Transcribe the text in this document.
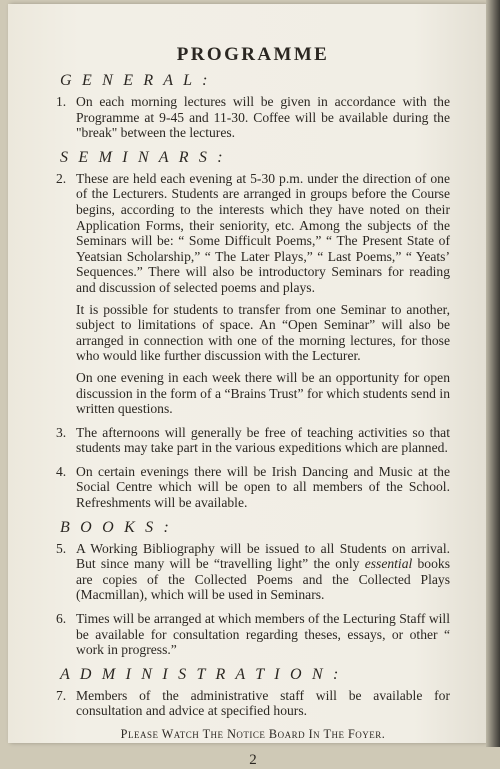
PROGRAMME
G E N E R A L :
1. On each morning lectures will be given in accordance with the Programme at 9-45 and 11-30. Coffee will be available during the "break" between the lectures.
S E M I N A R S :
2. These are held each evening at 5-30 p.m. under the direction of one of the Lecturers. Students are arranged in groups before the Course begins, according to the interests which they have noted on their Application Forms, their seniority, etc. Among the subjects of the Seminars will be: “ Some Difficult Poems,” “ The Present State of Yeatsian Scholarship,” “ The Later Plays,” “ Last Poems,” “ Yeats’ Sequences.” There will also be introductory Seminars for reading and discussion of selected poems and plays.
It is possible for students to transfer from one Seminar to another, subject to limitations of space. An “Open Seminar” will also be arranged in connection with one of the morning lectures, for those who would like further discussion with the Lecturer.
On one evening in each week there will be an opportunity for open discussion in the form of a “Brains Trust” for which students send in written questions.
3. The afternoons will generally be free of teaching activities so that students may take part in the various expeditions which are planned.
4. On certain evenings there will be Irish Dancing and Music at the Social Centre which will be open to all members of the School. Refreshments will be available.
B O O K S :
5. A Working Bibliography will be issued to all Students on arrival. But since many will be “travelling light” the only essential books are copies of the Collected Poems and the Collected Plays (Macmillan), which will be used in Seminars.
6. Times will be arranged at which members of the Lecturing Staff will be available for consultation regarding theses, essays, or other “ work in progress.”
A D M I N I S T R A T I O N :
7. Members of the administrative staff will be available for consultation and advice at specified hours.
Please Watch The Notice Board In The Foyer.
2
